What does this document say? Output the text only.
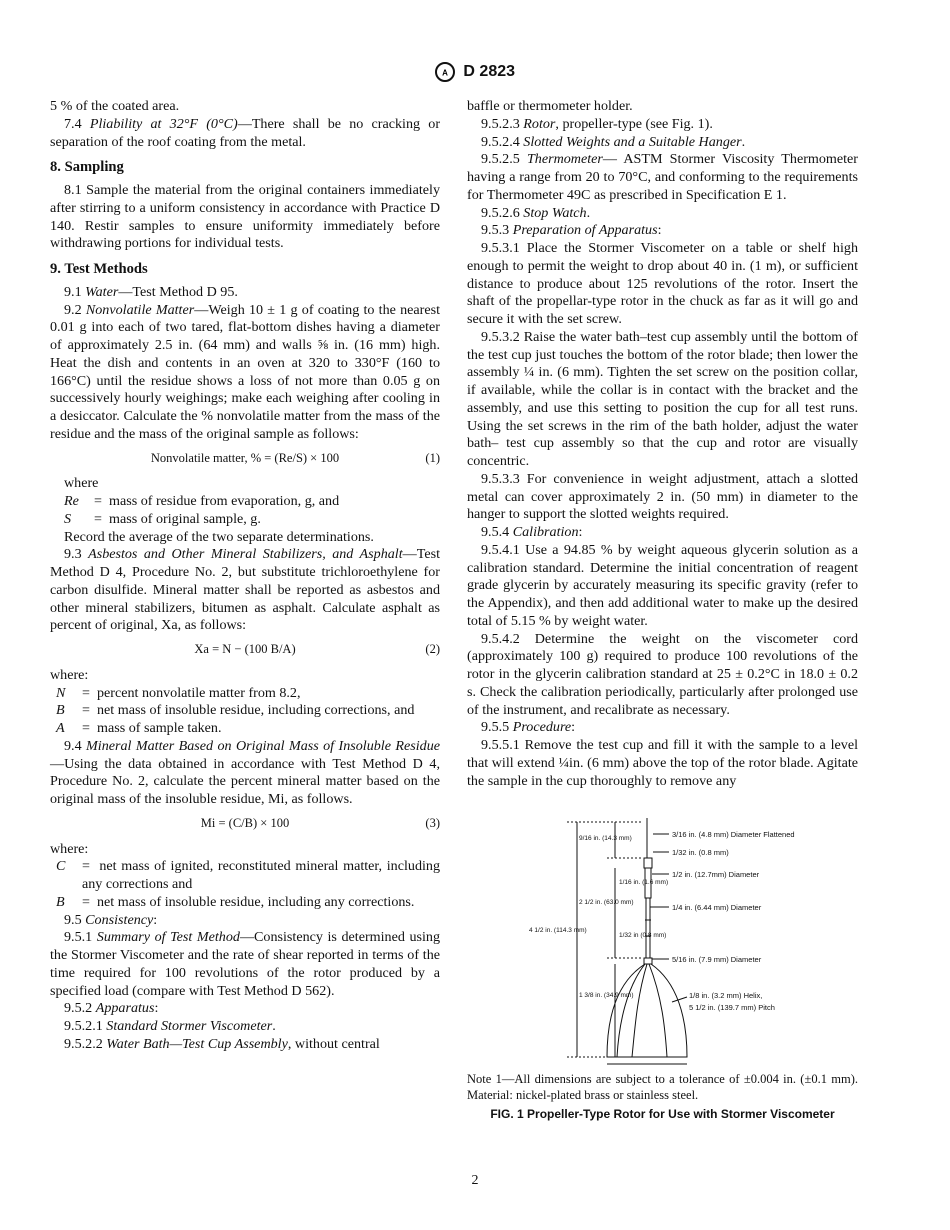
A D 2823

5 % of the coated area.

7.4 Pliability at 32°F (0°C)—There shall be no cracking or separation of the roof coating from the metal.

8. Sampling

8.1 Sample the material from the original containers immediately after stirring to a uniform consistency in accordance with Practice D 140. Restir samples to ensure uniformity immediately before withdrawing portions for individual tests.

9. Test Methods

9.1 Water—Test Method D 95.

9.2 Nonvolatile Matter—Weigh 10 ± 1 g of coating to the nearest 0.01 g into each of two tared, flat-bottom dishes having a diameter of approximately 2.5 in. (64 mm) and walls ⅝ in. (16 mm) high. Heat the dish and contents in an oven at 320 to 330°F (160 to 166°C) until the residue shows a loss of not more than 0.05 g on successively hourly weighings; make each weighing after cooling in a desiccator. Calculate the % nonvolatile matter from the mass of the residue and the mass of the original sample as follows:

Nonvolatile matter, % = (Re/S) × 100	(1)

where

Re	= mass of residue from evaporation, g, and
S	= mass of original sample, g.

Record the average of the two separate determinations.

9.3 Asbestos and Other Mineral Stabilizers, and Asphalt—Test Method D 4, Procedure No. 2, but substitute trichloroethylene for carbon disulfide. Mineral matter shall be reported as asbestos and other mineral stabilizers, bitumen as asphalt. Calculate asphalt as percent of original, Xa, as follows:

Xa = N − (100 B/A)	(2)

where:

N	= percent nonvolatile matter from 8.2,
B	= net mass of insoluble residue, including corrections, and
A	= mass of sample taken.

9.4 Mineral Matter Based on Original Mass of Insoluble Residue—Using the data obtained in accordance with Test Method D 4, Procedure No. 2, calculate the percent mineral matter based on the original mass of the insoluble residue, Mi, as follows.

Mi = (C/B) × 100	(3)

where:

C	= net mass of ignited, reconstituted mineral matter, including any corrections and
B	= net mass of insoluble residue, including any corrections.

9.5 Consistency:

9.5.1 Summary of Test Method—Consistency is determined using the Stormer Viscometer and the rate of shear reported in terms of the time required for 100 revolutions of the rotor produced by a specified load (compare with Test Method D 562).

9.5.2 Apparatus:

9.5.2.1 Standard Stormer Viscometer.

9.5.2.2 Water Bath—Test Cup Assembly, without central

baffle or thermometer holder.

9.5.2.3 Rotor, propeller-type (see Fig. 1).

9.5.2.4 Slotted Weights and a Suitable Hanger.

9.5.2.5 Thermometer— ASTM Stormer Viscosity Thermometer having a range from 20 to 70°C, and conforming to the requirements for Thermometer 49C as prescribed in Specification E 1.

9.5.2.6 Stop Watch.

9.5.3 Preparation of Apparatus:

9.5.3.1 Place the Stormer Viscometer on a table or shelf high enough to permit the weight to drop about 40 in. (1 m), or sufficient distance to produce about 125 revolutions of the rotor. Insert the shaft of the propellar-type rotor in the chuck as far as it will go and secure it with the set screw.

9.5.3.2 Raise the water bath–test cup assembly until the bottom of the test cup just touches the bottom of the rotor blade; then lower the assembly ¼ in. (6 mm). Tighten the set screw on the position collar, if available, while the collar is in contact with the bracket and the assembly, and use this setting to position the cup for all test runs. Using the set screws in the rim of the bath holder, adjust the water bath– test cup assembly so that the cup and rotor are visually concentric.

9.5.3.3 For convenience in weight adjustment, attach a slotted metal can cover approximately 2 in. (50 mm) in diameter to the hanger to support the slotted weights required.

9.5.4 Calibration:

9.5.4.1 Use a 94.85 % by weight aqueous glycerin solution as a calibration standard. Determine the initial concentration of reagent grade glycerin by accurately measuring its specific gravity (refer to the Appendix), and then add additional water to make up the desired total of 5.15 % by weight water.

9.5.4.2 Determine the weight on the viscometer cord (approximately 100 g) required to produce 100 revolutions of the rotor in the glycerin calibration standard at 25 ± 0.2°C in 18.0 ± 0.2 s. Check the calibration periodically, particularly after prolonged use of the instrument, and recalibrate as necessary.

9.5.5 Procedure:

9.5.5.1 Remove the test cup and fill it with the sample to a level that will extend ¼in. (6 mm) above the top of the rotor blade. Agitate the sample in the cup thoroughly to remove any

3/16 in. (4.8 mm) Diameter Flattened
1/32 in. (0.8 mm)
1/2 in. (12.7mm) Diameter
1/4 in. (6.44 mm) Diameter
5/16 in. (7.9 mm) Diameter
1/8 in. (3.2 mm) Helix,
5 1/2 in. (139.7 mm) Pitch
9/16 in. (14.3 mm)
1/16 in. (1.6 mm)
2 1/2 in. (63.0 mm)
1/32 in (0.8 mm)
4 1/2 in. (114.3 mm)
1 3/8 in. (34.9 mm)

Note 1—All dimensions are subject to a tolerance of ±0.004 in. (±0.1 mm). Material: nickel-plated brass or stainless steel.

FIG. 1 Propeller-Type Rotor for Use with Stormer Viscometer
2
